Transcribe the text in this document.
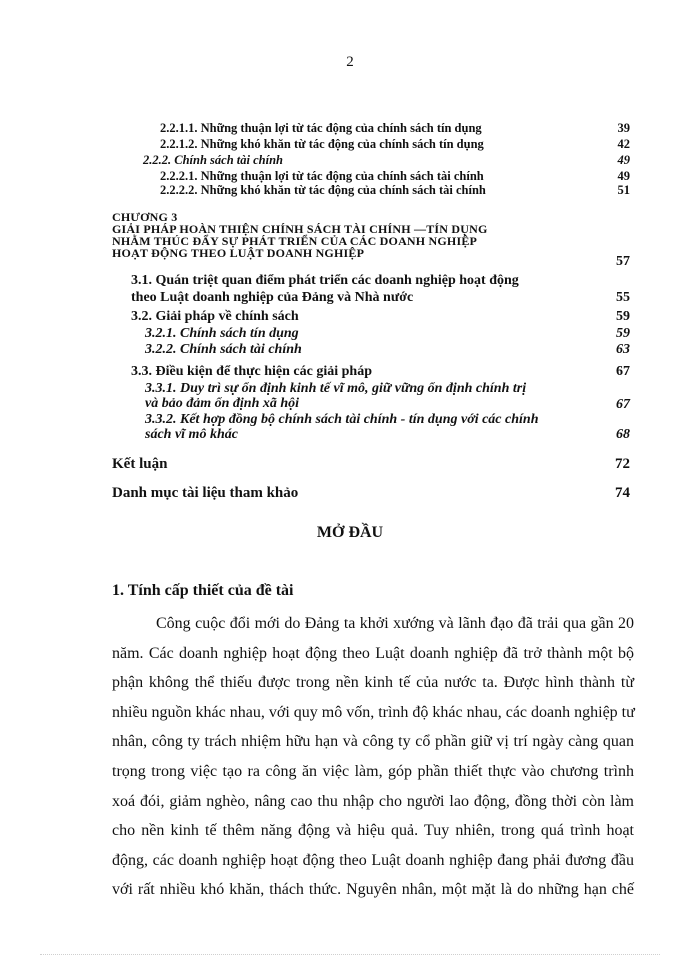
2
2.2.1.1. Những thuận lợi từ tác động của chính sách tín dụng	39
2.2.1.2. Những khó khăn từ tác động của chính sách tín dụng	42
2.2.2. Chính sách tài chính	49
2.2.2.1. Những thuận lợi từ tác động của chính sách tài chính	49
2.2.2.2. Những khó khăn từ tác động của chính sách tài chính	51
CHƯƠNG 3
GIẢI PHÁP HOÀN THIỆN CHÍNH SÁCH TÀI CHÍNH —TÍN DỤNG
NHẰM THÚC ĐẨY SỰ PHÁT TRIỂN CỦA CÁC DOANH NGHIỆP
HOẠT ĐỘNG THEO LUẬT DOANH NGHIỆP
57
3.1. Quán triệt quan điểm phát triển các doanh nghiệp hoạt động
theo Luật doanh nghiệp của Đảng và Nhà nước	55
3.2. Giải pháp về chính sách	59
3.2.1. Chính sách tín dụng	59
3.2.2. Chính sách tài chính	63
3.3. Điều kiện để thực hiện các giải pháp	67
3.3.1. Duy trì sự ổn định kinh tế vĩ mô, giữ vững ổn định chính trị
và bảo đảm ổn định xã hội	67
3.3.2. Kết hợp đồng bộ chính sách tài chính - tín dụng với các chính
sách vĩ mô khác	68
Kết luận	72
Danh mục tài liệu tham khảo	74
MỞ ĐẦU
1. Tính cấp thiết của đề tài
Công cuộc đổi mới do Đảng ta khởi xướng và lãnh đạo đã trải qua gần 20
năm. Các doanh nghiệp hoạt động theo Luật doanh nghiệp đã trở thành một bộ
phận không thể thiếu được trong nền kinh tế của nước ta. Được hình thành từ
nhiều nguồn khác nhau, với quy mô vốn, trình độ khác nhau, các doanh nghiệp tư
nhân, công ty trách nhiệm hữu hạn và công ty cổ phần giữ vị trí ngày càng quan
trọng trong việc tạo ra công ăn việc làm, góp phần thiết thực vào chương trình
xoá đói, giảm nghèo, nâng cao thu nhập cho người lao động, đồng thời còn làm
cho nền kinh tế thêm năng động và hiệu quả. Tuy nhiên, trong quá trình hoạt
động, các doanh nghiệp hoạt động theo Luật doanh nghiệp đang phải đương đầu
với rất nhiều khó khăn, thách thức. Nguyên nhân, một mặt là do những hạn chế
